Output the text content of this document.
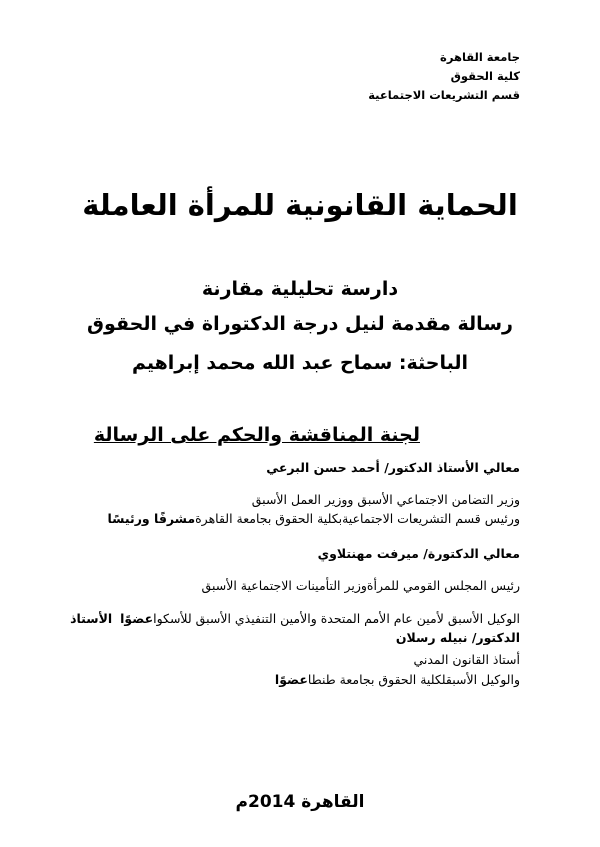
جامعة القاهرة
كلية الحقوق
قسم التشريعات الاجتماعية
الحماية القانونية للمرأة العاملة
دارسة تحليلية مقارنة
رسالة مقدمة لنيل درجة الدكتوراة في الحقوق
الباحثة: سماح عبد الله محمد إبراهيم
لجنة المناقشة والحكم على الرسالة
معالي الأستاذ الدكتور/ أحمد حسن البرعي
وزير التضامن الاجتماعي الأسبق ووزير العمل الأسبق
ورئيس قسم التشريعات الاجتماعيةبكلية الحقوق بجامعة القاهرةمشرفًا ورئيسًا
معالي الدكتورة/ ميرفت مهنتلاوي
رئيس المجلس القومي للمرأةوزير التأمينات الاجتماعية الأسبق
الوكيل الأسبق لأمين عام الأمم المتحدة والأمين التنفيذي الأسبق للأسكواعضوًا  الأستاذ
الدكتور/ نبيله رسلان
أستاذ القانون المدني
والوكيل الأسبقلكلية الحقوق بجامعة طنطاعضوًا
القاهرة 2014م
